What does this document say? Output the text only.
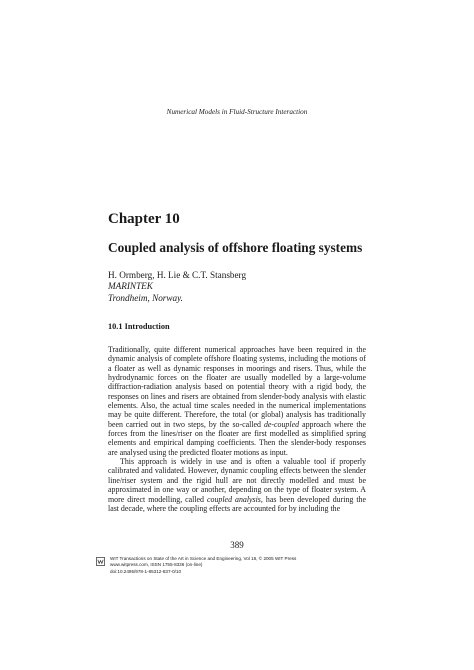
Numerical Models in Fluid-Structure Interaction
Chapter 10
Coupled analysis of offshore floating systems
H. Ormberg, H. Lie & C.T. Stansberg
MARINTEK
Trondheim, Norway.
10.1 Introduction

Traditionally, quite different numerical approaches have been required in the dynamic analysis of complete offshore floating systems, including the motions of a floater as well as dynamic responses in moorings and risers. Thus, while the hydrodynamic forces on the floater are usually modelled by a large-volume diffraction-radiation analysis based on potential theory with a rigid body, the responses on lines and risers are obtained from slender-body analysis with elastic elements. Also, the actual time scales needed in the numerical implementations may be quite different. Therefore, the total (or global) analysis has traditionally been carried out in two steps, by the so-called de-coupled approach where the forces from the lines/riser on the floater are first modelled as simplified spring elements and empirical damping coefficients. Then the slender-body responses are analysed using the predicted floater motions as input.

This approach is widely in use and is often a valuable tool if properly calibrated and validated. However, dynamic coupling effects between the slender line/riser system and the rigid hull are not directly modelled and must be approximated in one way or another, depending on the type of floater system. A more direct modelling, called coupled analysis, has been developed during the last decade, where the coupling effects are accounted for by including the

389
WIT Transactions on State of the Art in Science and Engineering, Vol 18, © 2005 WIT Press
www.witpress.com, ISSN 1755-8336 (on-line)
doi:10.2495/978-1-85312-837-0/10
